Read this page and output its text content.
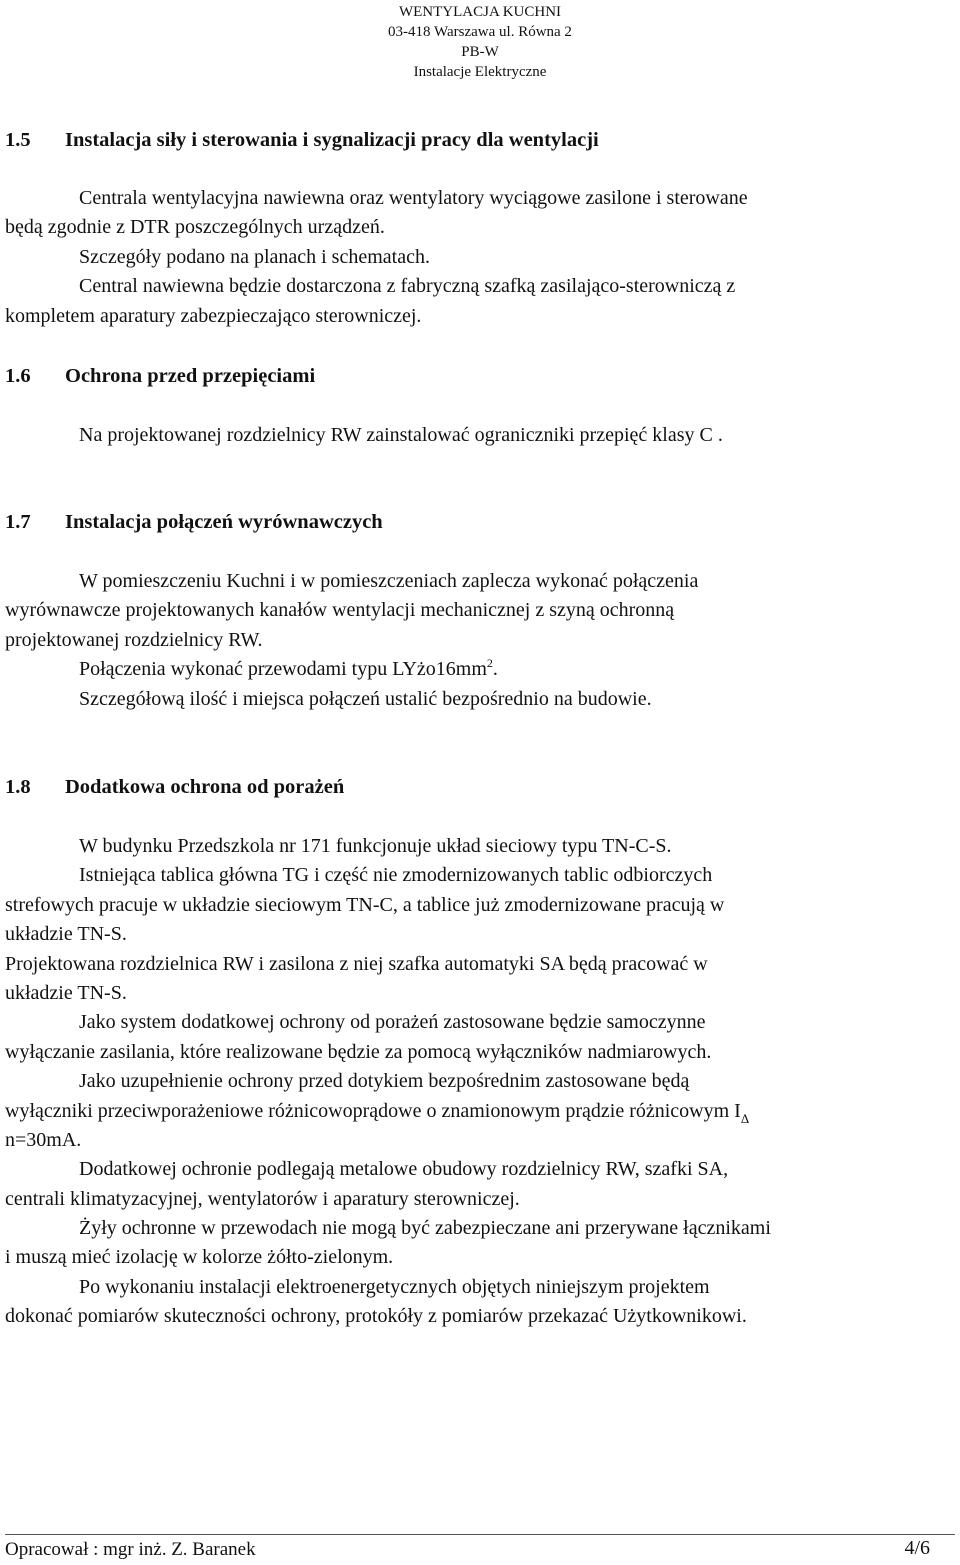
WENTYLACJA KUCHNI
03-418 Warszawa ul. Równa 2
PB-W
Instalacje Elektryczne
1.5 Instalacja siły i sterowania i sygnalizacji pracy dla wentylacji
Centrala wentylacyjna nawiewna oraz wentylatory wyciągowe zasilone i sterowane
będą zgodnie z DTR poszczególnych urządzeń.
Szczegóły podano na planach i schematach.
Central nawiewna będzie dostarczona z fabryczną szafką zasilająco-sterowniczą z
kompletem aparatury zabezpieczająco sterowniczej.
1.6 Ochrona przed przepięciami
Na projektowanej rozdzielnicy RW zainstalować ograniczniki przepięć klasy C .
1.7 Instalacja połączeń wyrównawczych
W pomieszczeniu Kuchni i w pomieszczeniach zaplecza wykonać połączenia
wyrównawcze projektowanych kanałów wentylacji mechanicznej z szyną ochronną
projektowanej rozdzielnicy RW.
Połączenia wykonać przewodami typu $LYżo16mm^2$.
Szczegółową ilość i miejsca połączeń ustalić bezpośrednio na budowie.
1.8 Dodatkowa ochrona od porażeń
W budynku Przedszkola nr 171 funkcjonuje układ sieciowy typu TN-C-S.
Istniejąca tablica główna TG i część nie zmodernizowanych tablic odbiorczych
strefowych pracuje w układzie sieciowym TN-C, a tablice już zmodernizowane pracują w
układzie TN-S.
Projektowana rozdzielnica RW i zasilona z niej szafka automatyki SA będą pracować w
układzie TN-S.
Jako system dodatkowej ochrony od porażeń zastosowane będzie samoczynne
wyłączanie zasilania, które realizowane będzie za pomocą wyłączników nadmiarowych.
Jako uzupełnienie ochrony przed dotykiem bezpośrednim zastosowane będą
wyłączniki przeciwporażeniowe różnicowoprądowe o znamionowym prądzie różnicowym $I_\Delta$
n=30mA.
Dodatkowej ochronie podlegają metalowe obudowy rozdzielnicy RW, szafki SA,
centrali klimatyzacyjnej, wentylatorów i aparatury sterowniczej.
Żyły ochronne w przewodach nie mogą być zabezpieczane ani przerywane łącznikami
i muszą mieć izolację w kolorze żółto-zielonym.
Po wykonaniu instalacji elektroenergetycznych objętych niniejszym projektem
dokonać pomiarów skuteczności ochrony, protokóły z pomiarów przekazać Użytkownikowi.
Opracował : mgr inż. Z. Baranek	4/6
